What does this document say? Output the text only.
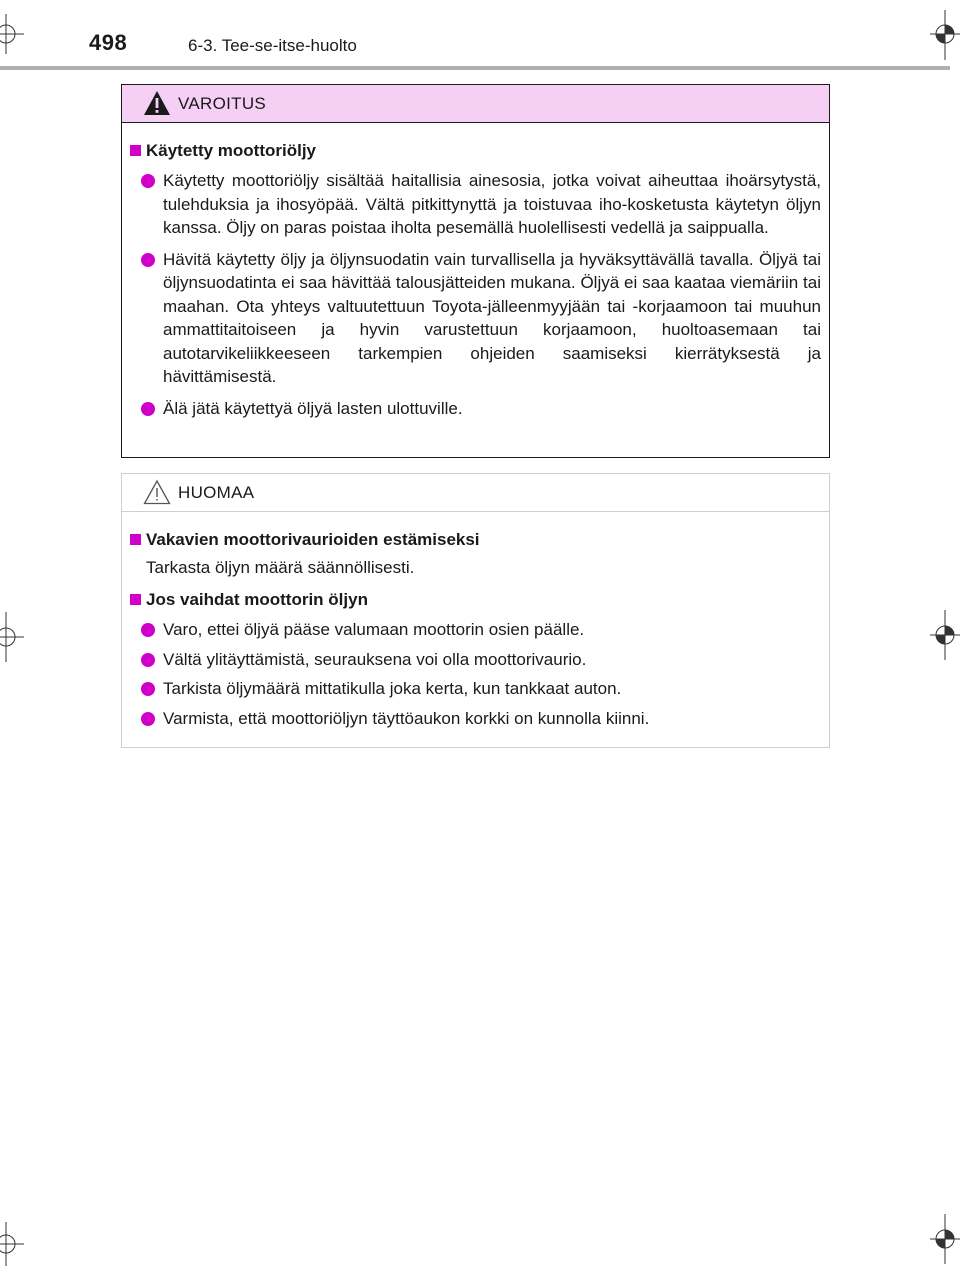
498	6-3. Tee-se-itse-huolto
VAROITUS
Käytetty moottoriöljy
Käytetty moottoriöljy sisältää haitallisia ainesosia, jotka voivat aiheuttaa ihoärsytystä, tulehduksia ja ihosyöpää. Vältä pitkittynyttä ja toistuvaa iho-kosketusta käytetyn öljyn kanssa. Öljy on paras poistaa iholta pesemällä huolellisesti vedellä ja saippualla.
Hävitä käytetty öljy ja öljynsuodatin vain turvallisella ja hyväksyttävällä tavalla. Öljyä tai öljynsuodatinta ei saa hävittää talousjätteiden mukana. Öljyä ei saa kaataa viemäriin tai maahan. Ota yhteys valtuutettuun Toyota-jälleenmyyjään tai -korjaamoon tai muuhun ammattitaitoiseen ja hyvin varustettuun korjaamoon, huoltoasemaan tai autotarvikeliikkeeseen tarkempien ohjeiden saamiseksi kierrätyksestä ja hävittämisestä.
Älä jätä käytettyä öljyä lasten ulottuville.
HUOMAA
Vakavien moottorivaurioiden estämiseksi
Tarkasta öljyn määrä säännöllisesti.
Jos vaihdat moottorin öljyn
Varo, ettei öljyä pääse valumaan moottorin osien päälle.
Vältä ylitäyttämistä, seurauksena voi olla moottorivaurio.
Tarkista öljymäärä mittatikulla joka kerta, kun tankkaat auton.
Varmista, että moottoriöljyn täyttöaukon korkki on kunnolla kiinni.
